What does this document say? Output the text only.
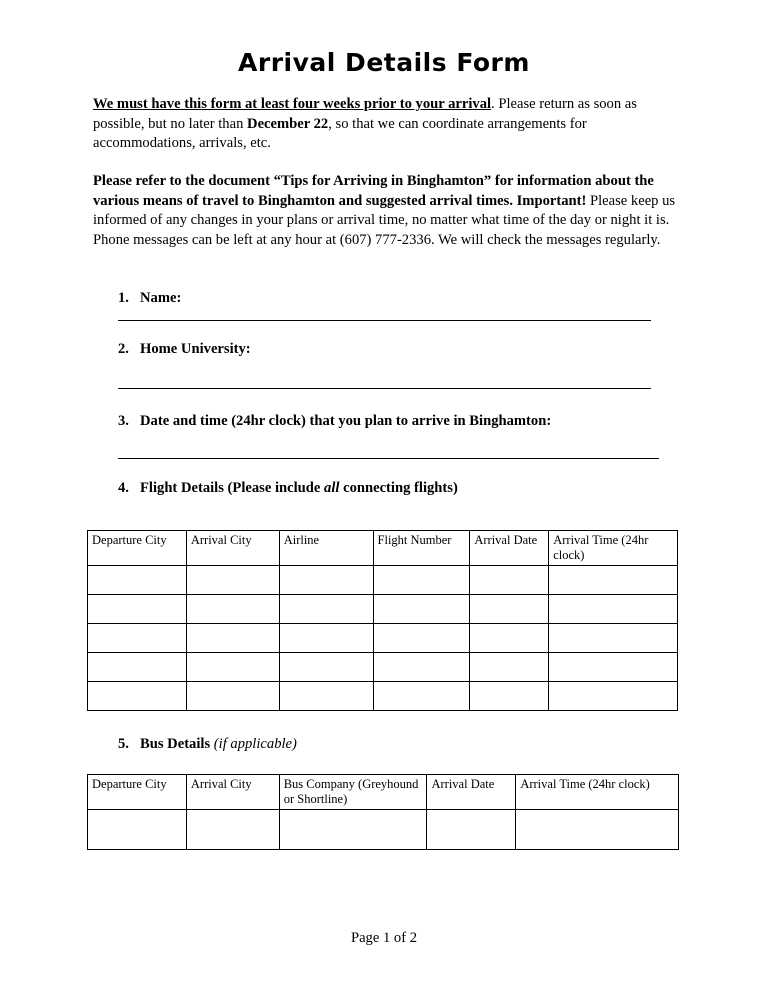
Arrival Details Form
We must have this form at least four weeks prior to your arrival. Please return as soon as possible, but no later than December 22, so that we can coordinate arrangements for accommodations, arrivals, etc.
Please refer to the document “Tips for Arriving in Binghamton” for information about the various means of travel to Binghamton and suggested arrival times. Important! Please keep us informed of any changes in your plans or arrival time, no matter what time of the day or night it is. Phone messages can be left at any hour at (607) 777-2336. We will check the messages regularly.
1. Name:
2. Home University:
3. Date and time (24hr clock) that you plan to arrive in Binghamton:
4. Flight Details (Please include all connecting flights)
Departure City	Arrival City	Airline	Flight Number	Arrival Date	Arrival Time (24hr clock)

5. Bus Details (if applicable)
Departure City	Arrival City	Bus Company (Greyhound or Shortline)	Arrival Date	Arrival Time (24hr clock)

Page 1 of 2
